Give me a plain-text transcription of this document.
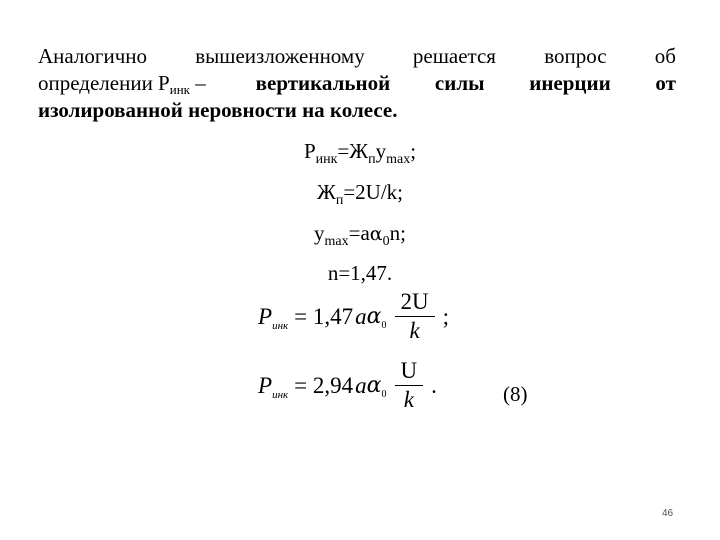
Аналогично вышеизложенному решается вопрос об
определении Ринк – вертикальной силы инерции от
изолированной неровности на колесе.
$Р_{инк}=Ж_пy_{max}$;
$Ж_п=2U/k$;
$y_{max}=a\alpha_0n$;
n=1,47.
P инк = 1,47 a α $0 \frac{2U}{k}$ ;
P инк = 2,94 a α $0 \frac{U}{k}$ .	(8)
46
